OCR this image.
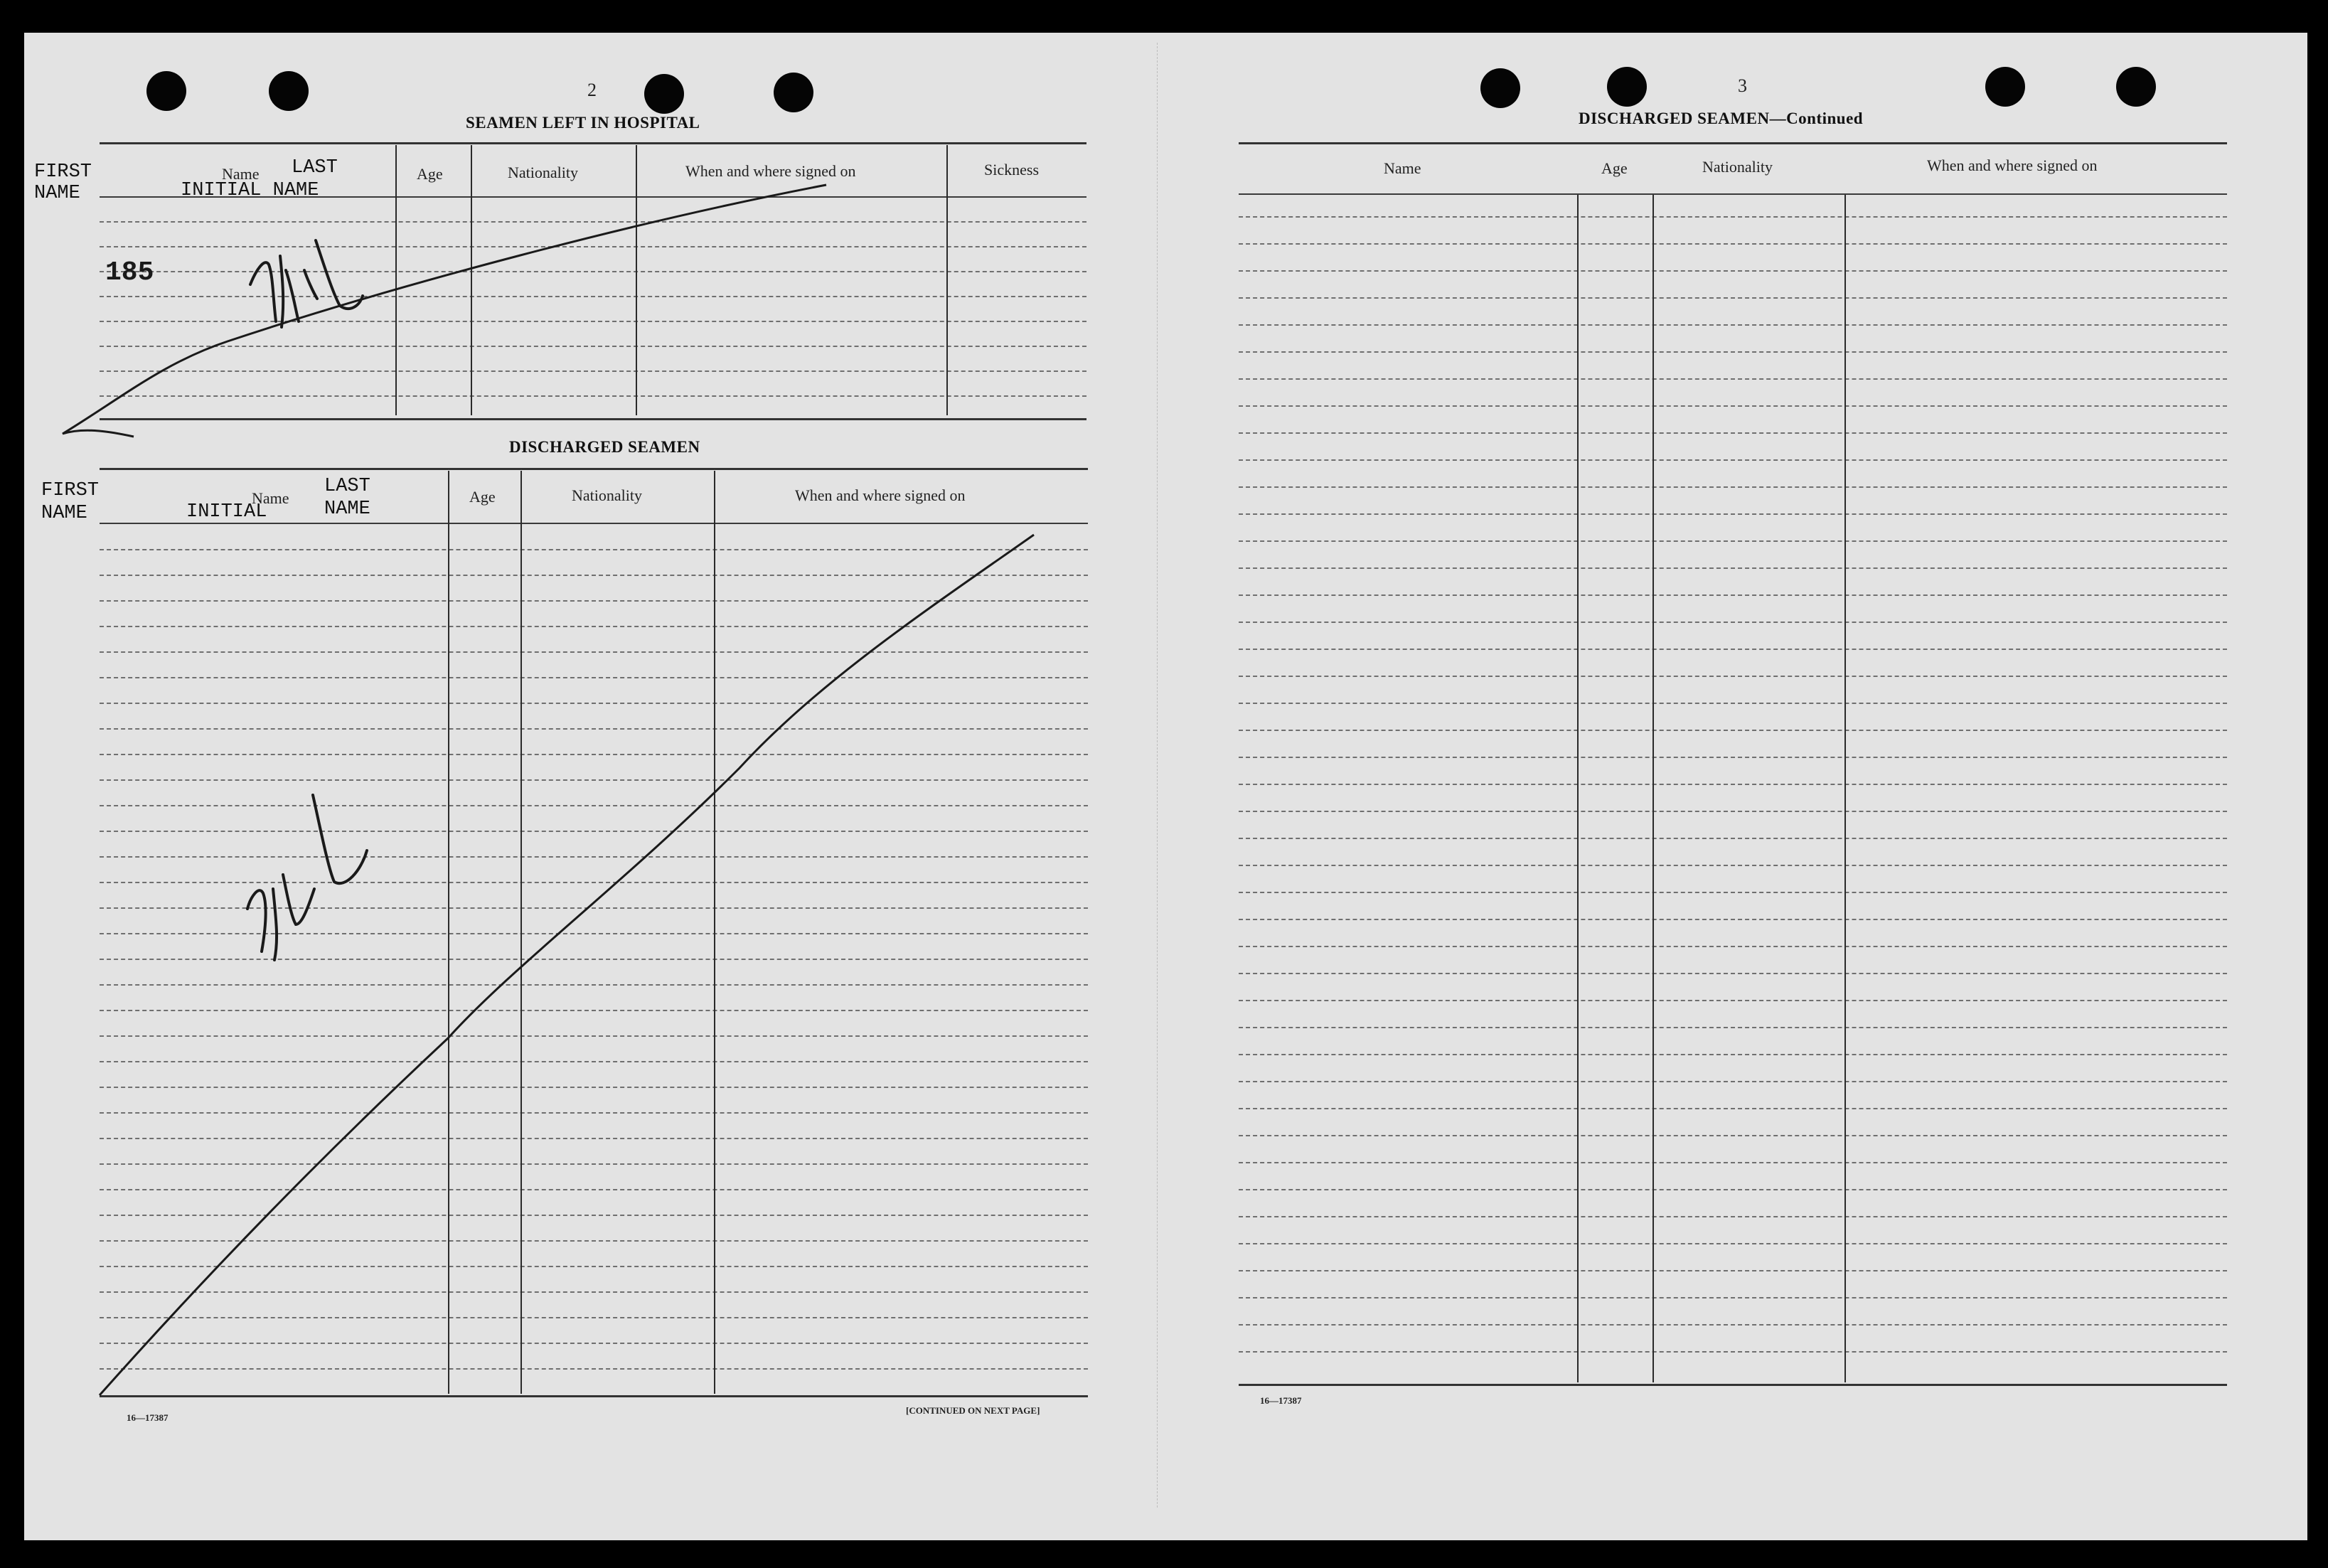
2
SEAMEN LEFT IN HOSPITAL
Name	Age	Nationality	When and where signed on	Sickness
FIRST
NAME
LAST
INITIAL NAME
185
DISCHARGED SEAMEN
Name	Age	Nationality	When and where signed on
FIRST
NAME
LAST
INITIAL	NAME
16—17387
[CONTINUED ON NEXT PAGE]
3
DISCHARGED SEAMEN—Continued
Name	Age	Nationality	When and where signed on
16—17387
